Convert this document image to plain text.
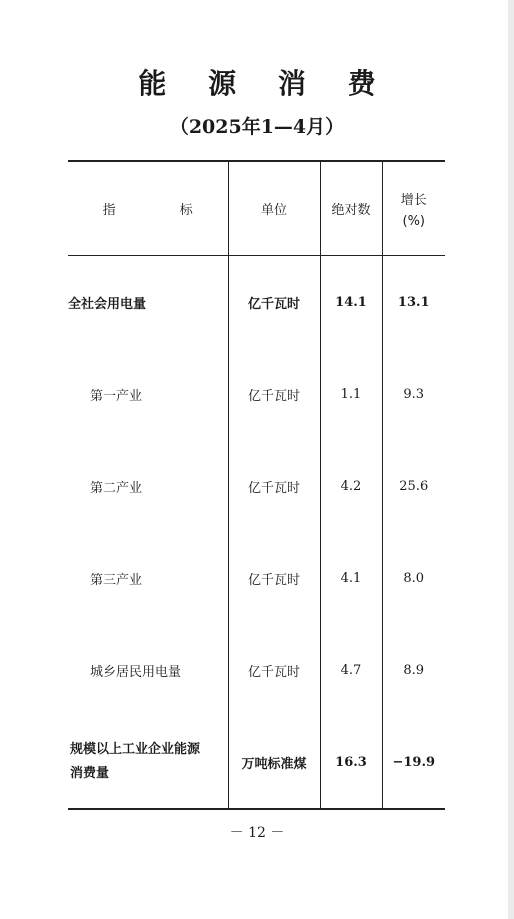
能 源 消 费
（2025年1—4月）
指 标	单位	绝对数	增长
(%)

全社会用电量	亿千瓦时	14.1	13.1
第一产业	亿千瓦时	1.1	9.3
第二产业	亿千瓦时	4.2	25.6
第三产业	亿千瓦时	4.1	8.0
城乡居民用电量	亿千瓦时	4.7	8.9

规模以上工业企业能源
消费量	万吨标准煤	16.3	−19.9
－ 12 －
